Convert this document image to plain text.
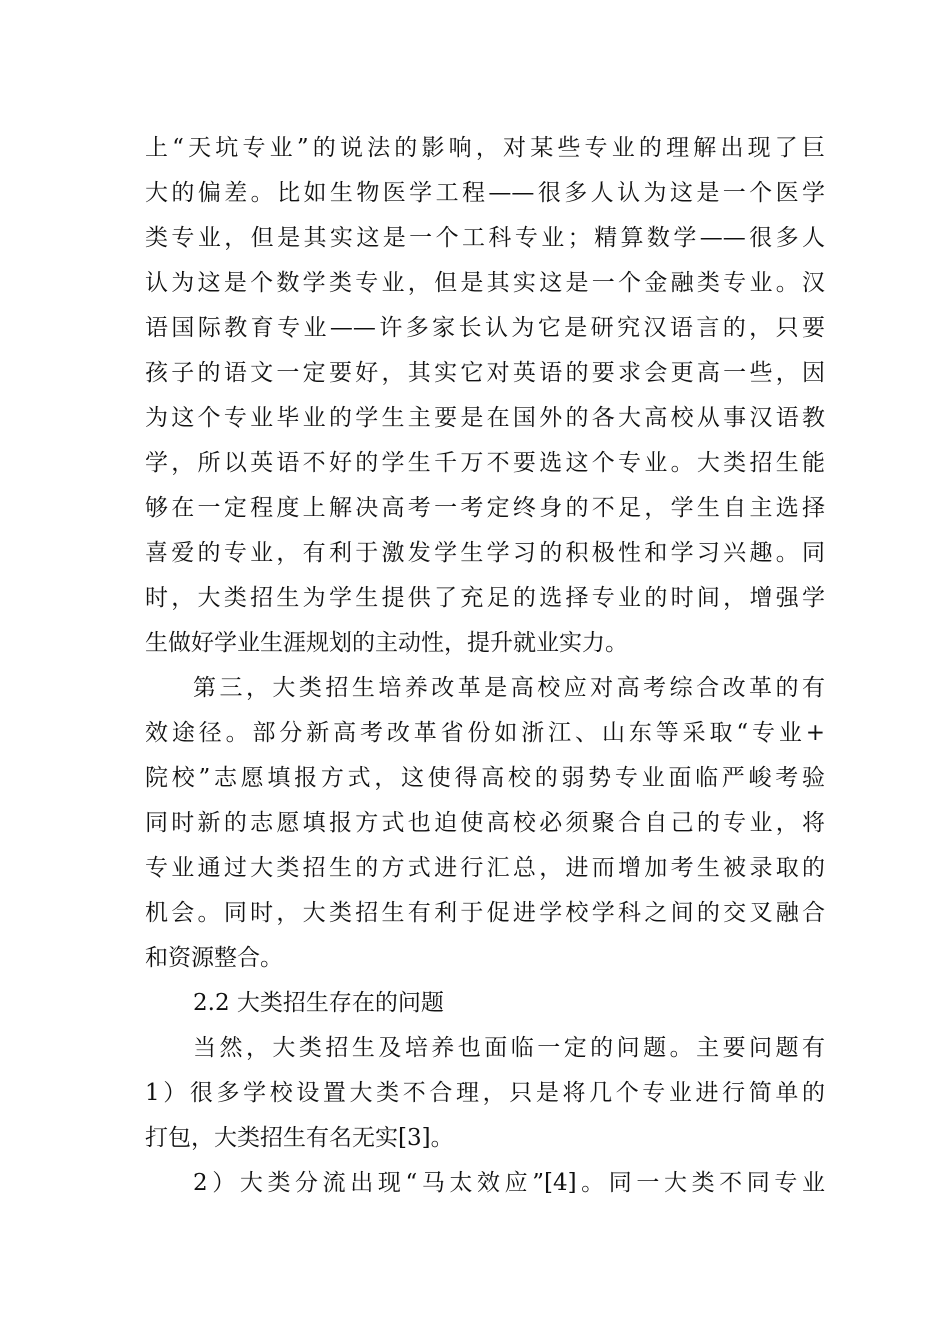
上“天坑专业”的说法的影响，对某些专业的理解出现了巨
大的偏差。比如生物医学工程——很多人认为这是一个医学
类专业，但是其实这是一个工科专业；精算数学——很多人
认为这是个数学类专业，但是其实这是一个金融类专业。汉
语国际教育专业——许多家长认为它是研究汉语言的，只要
孩子的语文一定要好，其实它对英语的要求会更高一些，因
为这个专业毕业的学生主要是在国外的各大高校从事汉语教
学，所以英语不好的学生千万不要选这个专业。大类招生能
够在一定程度上解决高考一考定终身的不足，学生自主选择
喜爱的专业，有利于激发学生学习的积极性和学习兴趣。同
时，大类招生为学生提供了充足的选择专业的时间，增强学
生做好学业生涯规划的主动性，提升就业实力。
第三，大类招生培养改革是高校应对高考综合改革的有
效途径。部分新高考改革省份如浙江、山东等采取“专业+
院校”志愿填报方式，这使得高校的弱势专业面临严峻考验
同时新的志愿填报方式也迫使高校必须聚合自己的专业，将
专业通过大类招生的方式进行汇总，进而增加考生被录取的
机会。同时，大类招生有利于促进学校学科之间的交叉融合
和资源整合。
2.2 大类招生存在的问题
当然，大类招生及培养也面临一定的问题。主要问题有
1）很多学校设置大类不合理，只是将几个专业进行简单的
打包，大类招生有名无实[3]。
2）大类分流出现“马太效应”[4]。同一大类不同专业
